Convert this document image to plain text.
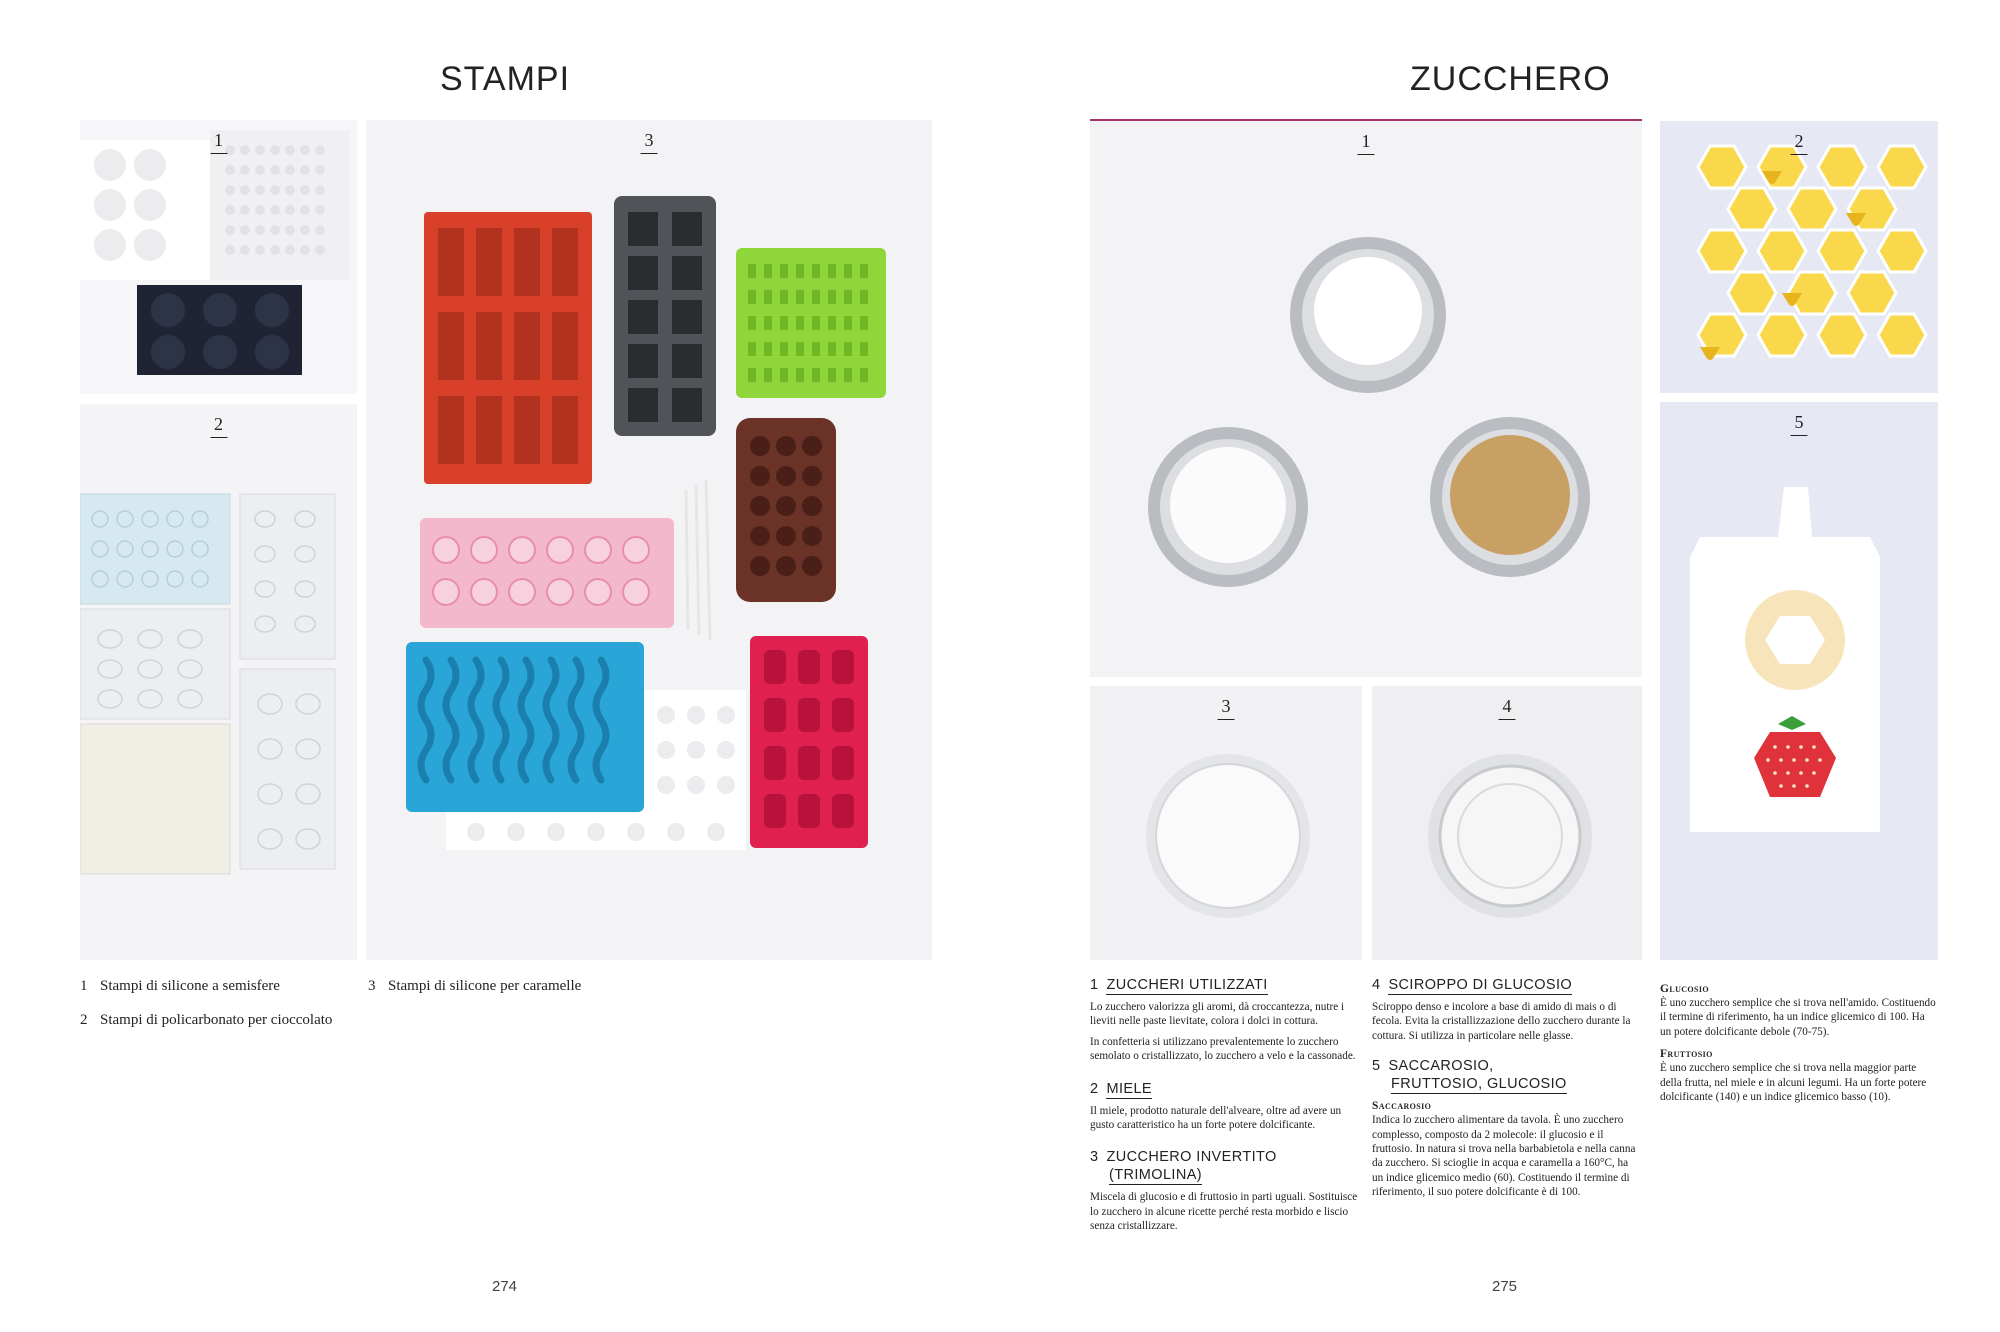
STAMPI
1
2
3
1 Stampi di silicone a semisfere
2 Stampi di policarbonato per cioccolato
3 Stampi di silicone per caramelle
274
ZUCCHERO
1	2
3	4
5

1 ZUCCHERI UTILIZZATI

Lo zucchero valorizza gli aromi, dà croccantezza, nutre i lieviti nelle paste lievitate, colora i dolci in cottura.

In confetteria si utilizzano prevalentemente lo zucchero semolato o cristallizzato, lo zucchero a velo e la cassonade.

2 MIELE

Il miele, prodotto naturale dell'alveare, oltre ad avere un gusto caratteristico ha un forte potere dolcificante.

3 ZUCCHERO INVERTITO

(TRIMOLINA)

Miscela di glucosio e di fruttosio in parti uguali. Sostituisce lo zucchero in alcune ricette perché resta morbido e liscio senza cristallizzare.

4 SCIROPPO DI GLUCOSIO

Sciroppo denso e incolore a base di amido di mais o di fecola. Evita la cristallizzazione dello zucchero durante la cottura. Si utilizza in particolare nelle glasse.

5 SACCAROSIO,

FRUTTOSIO, GLUCOSIO

Saccarosio

Indica lo zucchero alimentare da tavola. È uno zucchero complesso, composto da 2 molecole: il glucosio e il fruttosio. In natura si trova nella barbabietola e nella canna da zucchero. Si scioglie in acqua e caramella a 160°C, ha un indice glicemico medio (60). Costituendo il termine di riferimento, il suo potere dolcificante è di 100.

Glucosio

È uno zucchero semplice che si trova nell'amido. Costituendo il termine di riferimento, ha un indice glicemico di 100. Ha un potere dolcificante debole (70-75).

Fruttosio

È uno zucchero semplice che si trova nella maggior parte della frutta, nel miele e in alcuni legumi. Ha un forte potere dolcificante (140) e un indice glicemico basso (10).

275
